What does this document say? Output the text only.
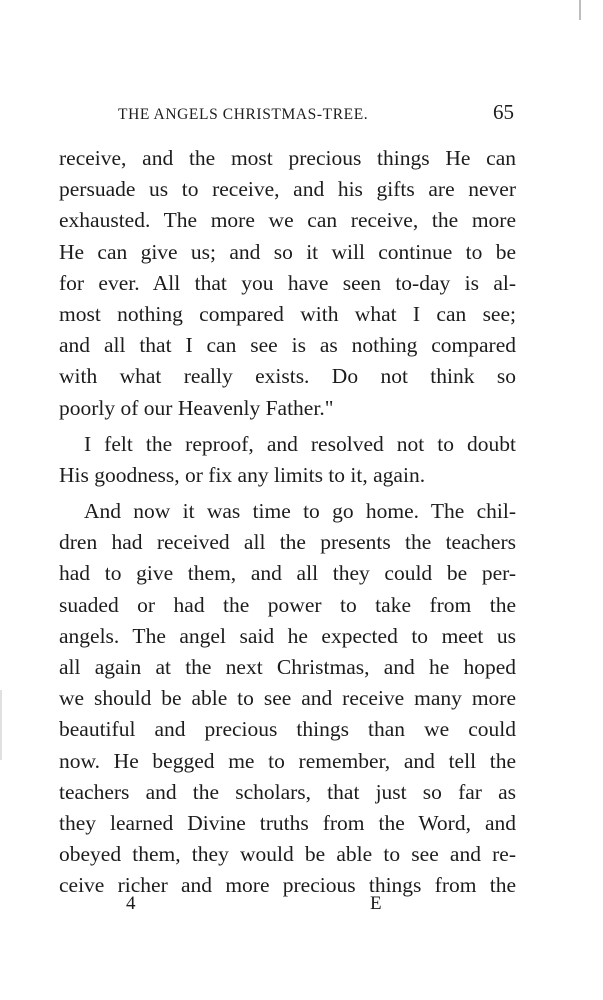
THE ANGELS CHRISTMAS-TREE.	65
receive, and the most precious things He can
persuade us to receive, and his gifts are never
exhausted. The more we can receive, the more
He can give us; and so it will continue to be
for ever. All that you have seen to-day is al-
most nothing compared with what I can see;
and all that I can see is as nothing compared
with what really exists. Do not think so
poorly of our Heavenly Father."
I felt the reproof, and resolved not to doubt
His goodness, or fix any limits to it, again.
And now it was time to go home. The chil-
dren had received all the presents the teachers
had to give them, and all they could be per-
suaded or had the power to take from the
angels. The angel said he expected to meet us
all again at the next Christmas, and he hoped
we should be able to see and receive many more
beautiful and precious things than we could
now. He begged me to remember, and tell the
teachers and the scholars, that just so far as
they learned Divine truths from the Word, and
obeyed them, they would be able to see and re-
ceive richer and more precious things from the
4	E
